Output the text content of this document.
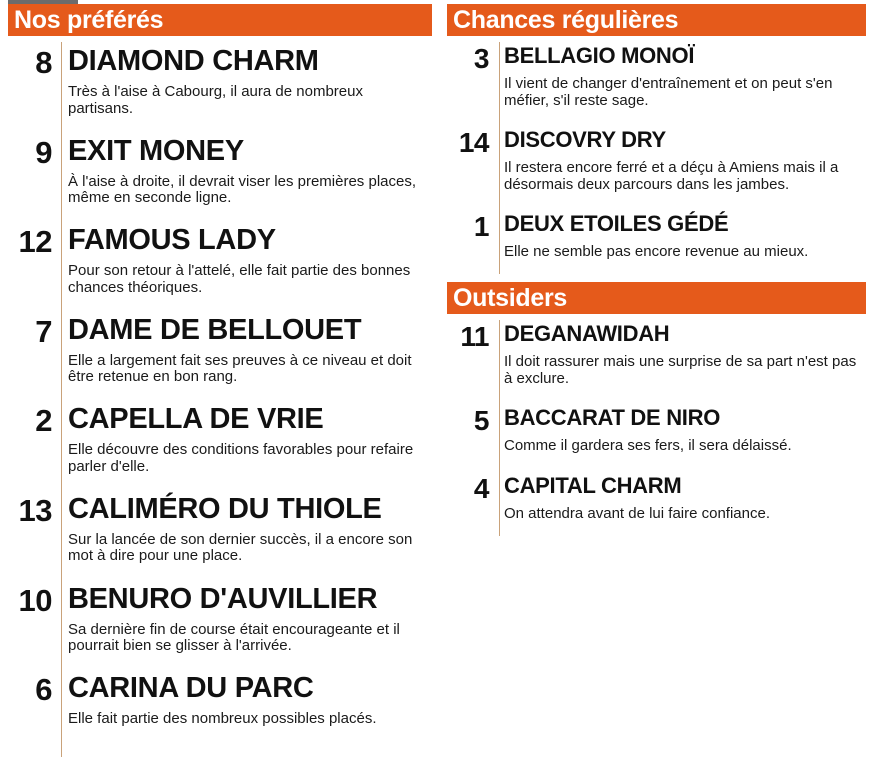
Nos préférés
8 DIAMOND CHARM
Très à l'aise à Cabourg, il aura de nombreux partisans.
9 EXIT MONEY
À l'aise à droite, il devrait viser les premières places, même en seconde ligne.
12 FAMOUS LADY
Pour son retour à l'attelé, elle fait partie des bonnes chances théoriques.
7 DAME DE BELLOUET
Elle a largement fait ses preuves à ce niveau et doit être retenue en bon rang.
2 CAPELLA DE VRIE
Elle découvre des conditions favorables pour refaire parler d'elle.
13 CALIMÉRO DU THIOLE
Sur la lancée de son dernier succès, il a encore son mot à dire pour une place.
10 BENURO D'AUVILLIER
Sa dernière fin de course était encourageante et il pourrait bien se glisser à l'arrivée.
6 CARINA DU PARC
Elle fait partie des nombreux possibles placés.
Chances régulières
3 BELLAGIO MONOÏ
Il vient de changer d'entraînement et on peut s'en méfier, s'il reste sage.
14 DISCOVRY DRY
Il restera encore ferré et a déçu à Amiens mais il a désormais deux parcours dans les jambes.
1 DEUX ETOILES GÉDÉ
Elle ne semble pas encore revenue au mieux.
Outsiders
11 DEGANAWIDAH
Il doit rassurer mais une surprise de sa part n'est pas à exclure.
5 BACCARAT DE NIRO
Comme il gardera ses fers, il sera délaissé.
4 CAPITAL CHARM
On attendra avant de lui faire confiance.
